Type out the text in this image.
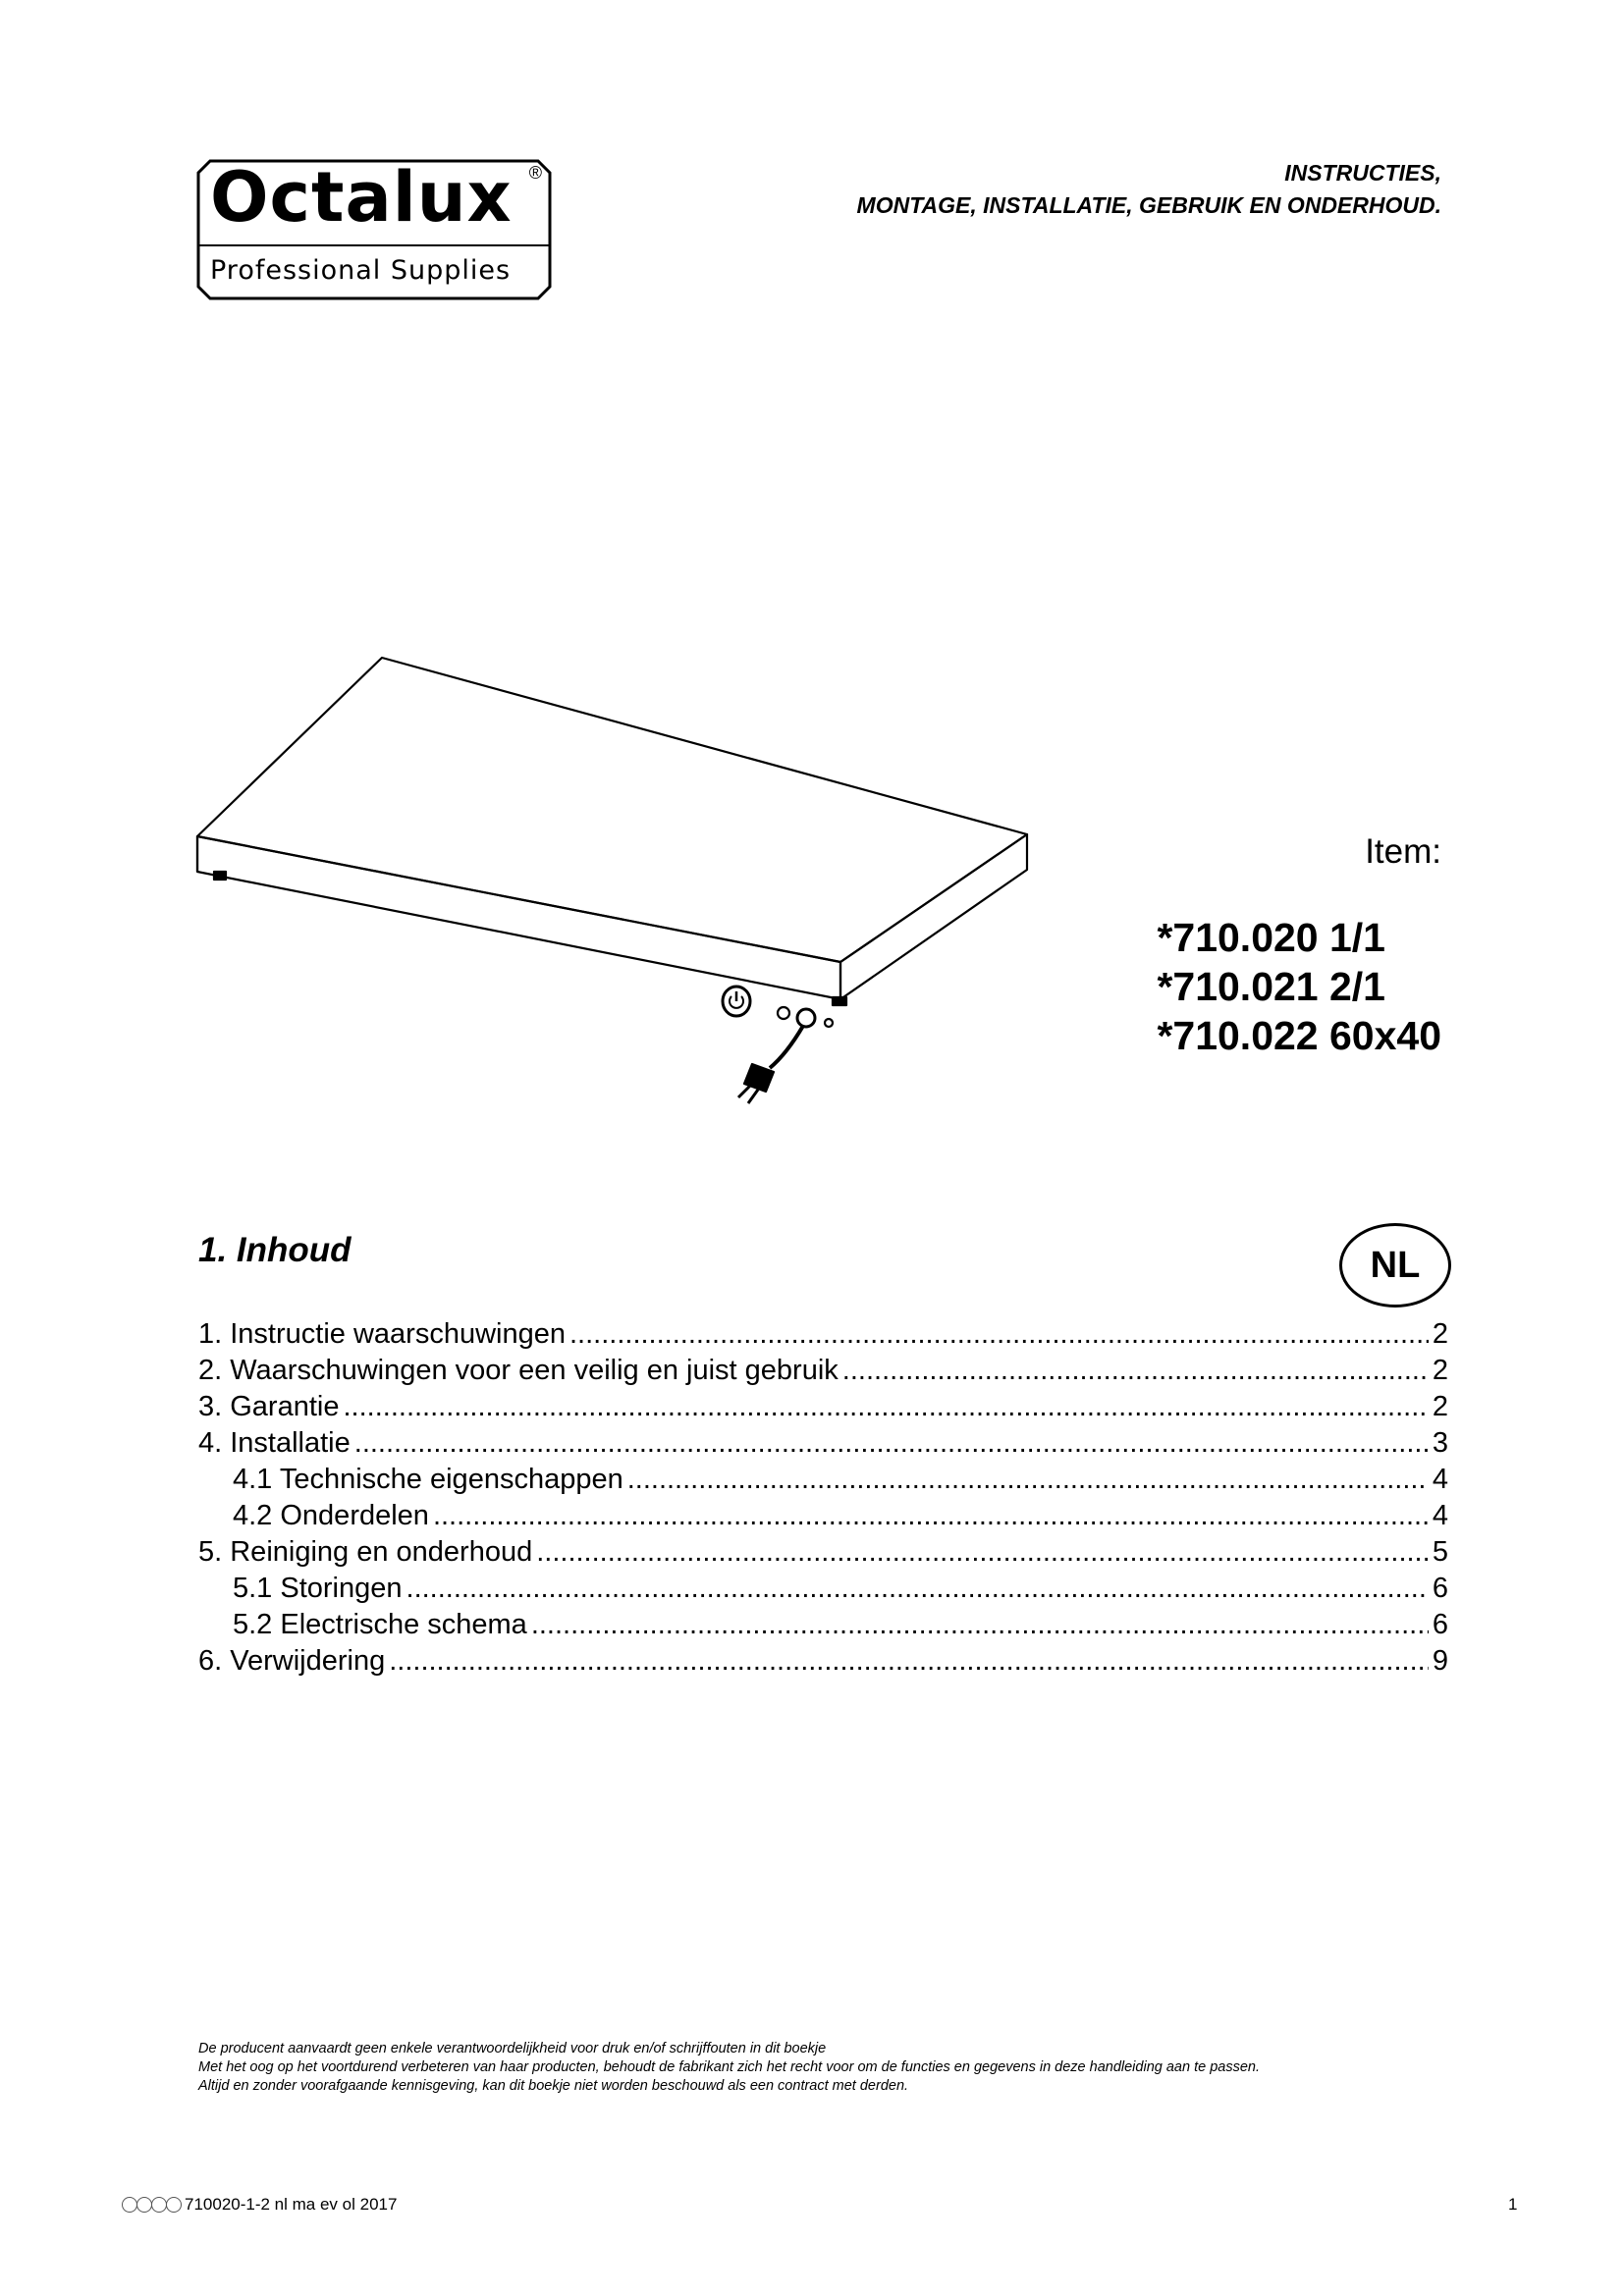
Octalux ®
Professional Supplies
INSTRUCTIES,
MONTAGE, INSTALLATIE, GEBRUIK EN ONDERHOUD.
Item:
*710.020 1/1
*710.021 2/1
*710.022 60x40
1. Inhoud	NL
1. Instructie waarschuwingen .....	2
2. Waarschuwingen voor een veilig en juist gebruik .....	2
3. Garantie .....	2
4. Installatie .....	3
4.1 Technische eigenschappen .....	4
4.2 Onderdelen .....	4
5. Reiniging en onderhoud .....	5
5.1 Storingen .....	6
5.2 Electrische schema .....	6
6. Verwijdering .....	9
De producent aanvaardt geen enkele verantwoordelijkheid voor druk en/of schrijffouten in dit boekje
Met het oog op het voortdurend verbeteren van haar producten, behoudt de fabrikant zich het recht voor om de functies en gegevens in deze handleiding aan te passen.
Altijd en zonder voorafgaande kennisgeving, kan dit boekje niet worden beschouwd als een contract met derden.
710020-1-2 nl ma ev ol 2017	1
